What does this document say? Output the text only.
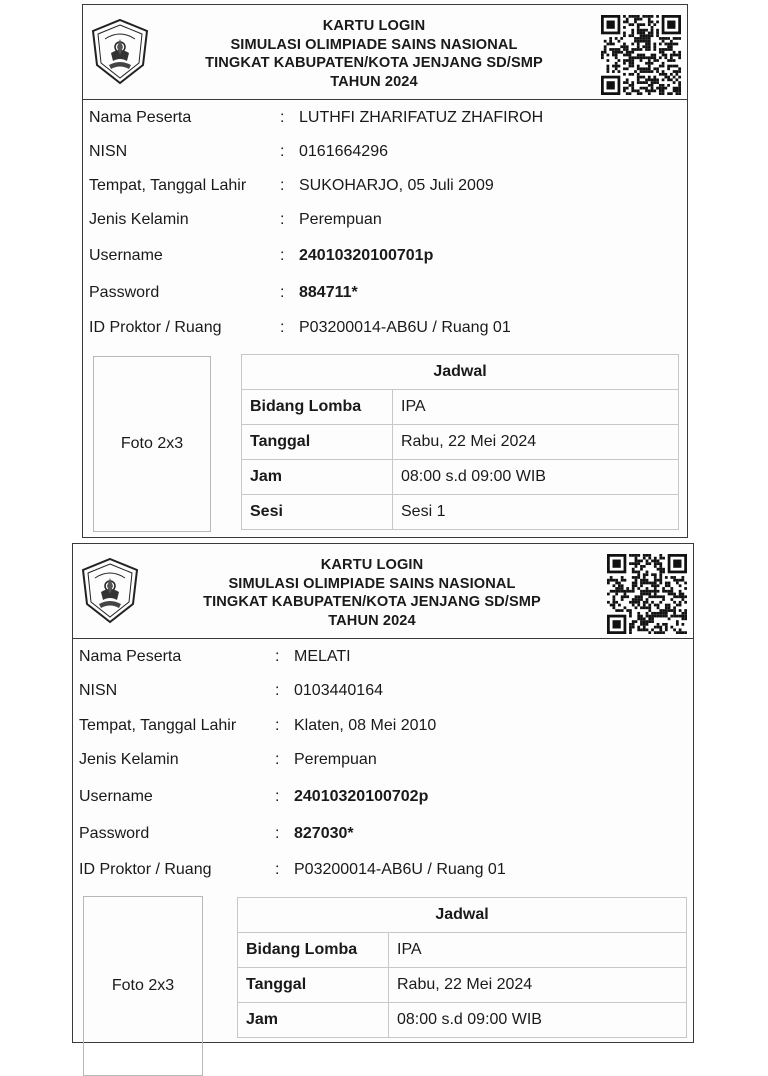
KARTU LOGIN
SIMULASI OLIMPIADE SAINS NASIONAL
TINGKAT KABUPATEN/KOTA JENJANG SD/SMP
TAHUN 2024
Nama Peserta	: LUTHFI ZHARIFATUZ ZHAFIROH
NISN	: 0161664296
Tempat, Tanggal Lahir : SUKOHARJO, 05 Juli 2009
Jenis Kelamin	: Perempuan
Username	: 24010320100701p
Password	: 884711*
ID Proktor / Ruang	: P03200014-AB6U / Ruang 01
Foto 2x3
Jadwal	
Bidang Lomba	IPA
Tanggal	Rabu, 22 Mei 2024
Jam	08:00 s.d 09:00 WIB
Sesi	Sesi 1
KARTU LOGIN
SIMULASI OLIMPIADE SAINS NASIONAL
TINGKAT KABUPATEN/KOTA JENJANG SD/SMP
TAHUN 2024
Nama Peserta	: MELATI
NISN	: 0103440164
Tempat, Tanggal Lahir : Klaten, 08 Mei 2010
Jenis Kelamin	: Perempuan
Username	: 24010320100702p
Password	: 827030*
ID Proktor / Ruang	: P03200014-AB6U / Ruang 01
Foto 2x3
Jadwal	
Bidang Lomba	IPA
Tanggal	Rabu, 22 Mei 2024
Jam	08:00 s.d 09:00 WIB
